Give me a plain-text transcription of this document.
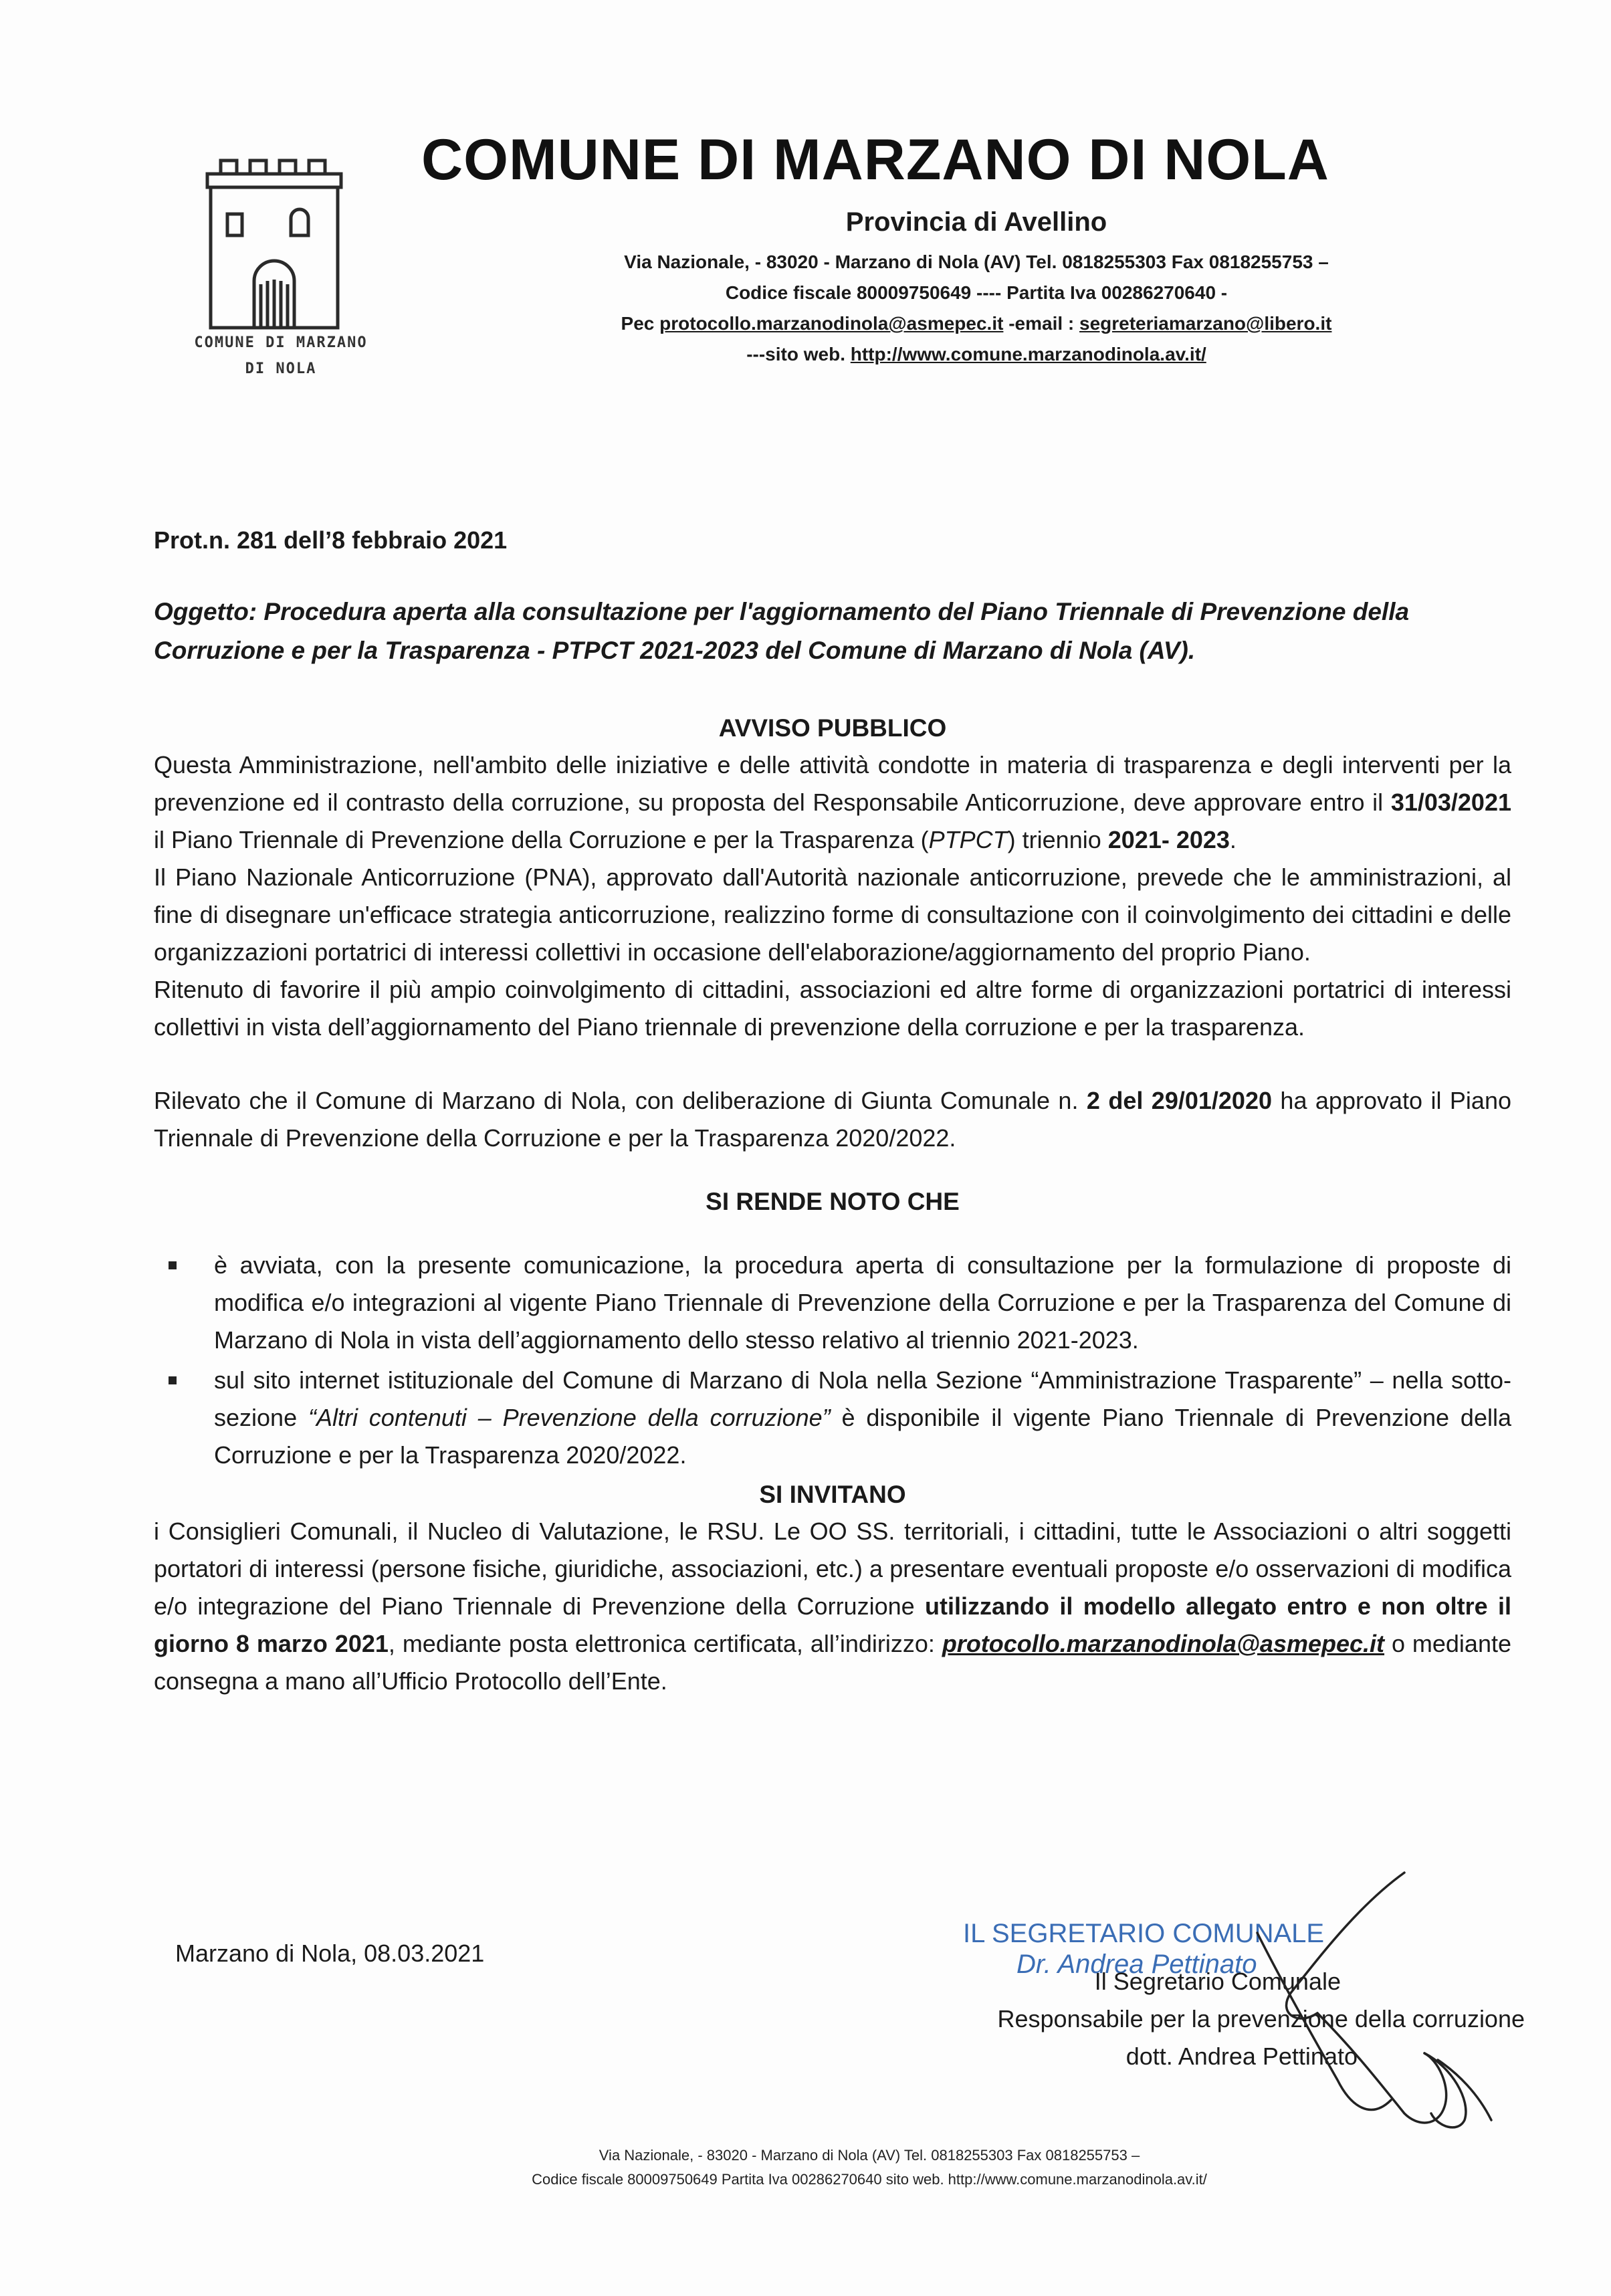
COMUNE DI MARZANO
DI NOLA
COMUNE DI MARZANO DI NOLA
Provincia di Avellino
Via Nazionale, - 83020 - Marzano di Nola (AV) Tel. 0818255303 Fax 0818255753 –
Codice fiscale 80009750649 ---- Partita Iva 00286270640 -
Pec protocollo.marzanodinola@asmepec.it -email : segreteriamarzano@libero.it
---sito web. http://www.comune.marzanodinola.av.it/
Prot.n. 281 dell’8 febbraio 2021
Oggetto: Procedura aperta alla consultazione per l'aggiornamento del Piano Triennale di Prevenzione della Corruzione e per la Trasparenza - PTPCT 2021-2023 del Comune di Marzano di Nola (AV).
AVVISO PUBBLICO

Questa Amministrazione, nell'ambito delle iniziative e delle attività condotte in materia di trasparenza e degli interventi per la prevenzione ed il contrasto della corruzione, su proposta del Responsabile Anticorruzione, deve approvare entro il 31/03/2021 il Piano Triennale di Prevenzione della Corruzione e per la Trasparenza (PTPCT) triennio 2021- 2023.

Il Piano Nazionale Anticorruzione (PNA), approvato dall'Autorità nazionale anticorruzione, prevede che le amministrazioni, al fine di disegnare un'efficace strategia anticorruzione, realizzino forme di consultazione con il coinvolgimento dei cittadini e delle organizzazioni portatrici di interessi collettivi in occasione dell'elaborazione/aggiornamento del proprio Piano.

Ritenuto di favorire il più ampio coinvolgimento di cittadini, associazioni ed altre forme di organizzazioni portatrici di interessi collettivi in vista dell’aggiornamento del Piano triennale di prevenzione della corruzione e per la trasparenza.

Rilevato che il Comune di Marzano di Nola, con deliberazione di Giunta Comunale n. 2 del 29/01/2020 ha approvato il Piano Triennale di Prevenzione della Corruzione e per la Trasparenza 2020/2022.

SI RENDE NOTO CHE
è avviata, con la presente comunicazione, la procedura aperta di consultazione per la formulazione di proposte di modifica e/o integrazioni al vigente Piano Triennale di Prevenzione della Corruzione e per la Trasparenza del Comune di Marzano di Nola in vista dell’aggiornamento dello stesso relativo al triennio 2021-2023.
sul sito internet istituzionale del Comune di Marzano di Nola nella Sezione “Amministrazione Trasparente” – nella sotto-sezione “Altri contenuti – Prevenzione della corruzione” è disponibile il vigente Piano Triennale di Prevenzione della Corruzione e per la Trasparenza 2020/2022.
SI INVITANO

i Consiglieri Comunali, il Nucleo di Valutazione, le RSU. Le OO SS. territoriali, i cittadini, tutte le Associazioni o altri soggetti portatori di interessi (persone fisiche, giuridiche, associazioni, etc.) a presentare eventuali proposte e/o osservazioni di modifica e/o integrazione del Piano Triennale di Prevenzione della Corruzione utilizzando il modello allegato entro e non oltre il giorno 8 marzo 2021, mediante posta elettronica certificata, all’indirizzo: protocollo.marzanodinola@asmepec.it o mediante consegna a mano all’Ufficio Protocollo dell’Ente.

Marzano di Nola, 08.03.2021
IL SEGRETARIO COMUNALE
Dr. Andrea Pettinato
Il Segretario Comunale
Responsabile per la prevenzione della corruzione
dott. Andrea Pettinato
Via Nazionale, - 83020 - Marzano di Nola (AV) Tel. 0818255303 Fax 0818255753 –
Codice fiscale 80009750649 Partita Iva 00286270640 sito web. http://www.comune.marzanodinola.av.it/
